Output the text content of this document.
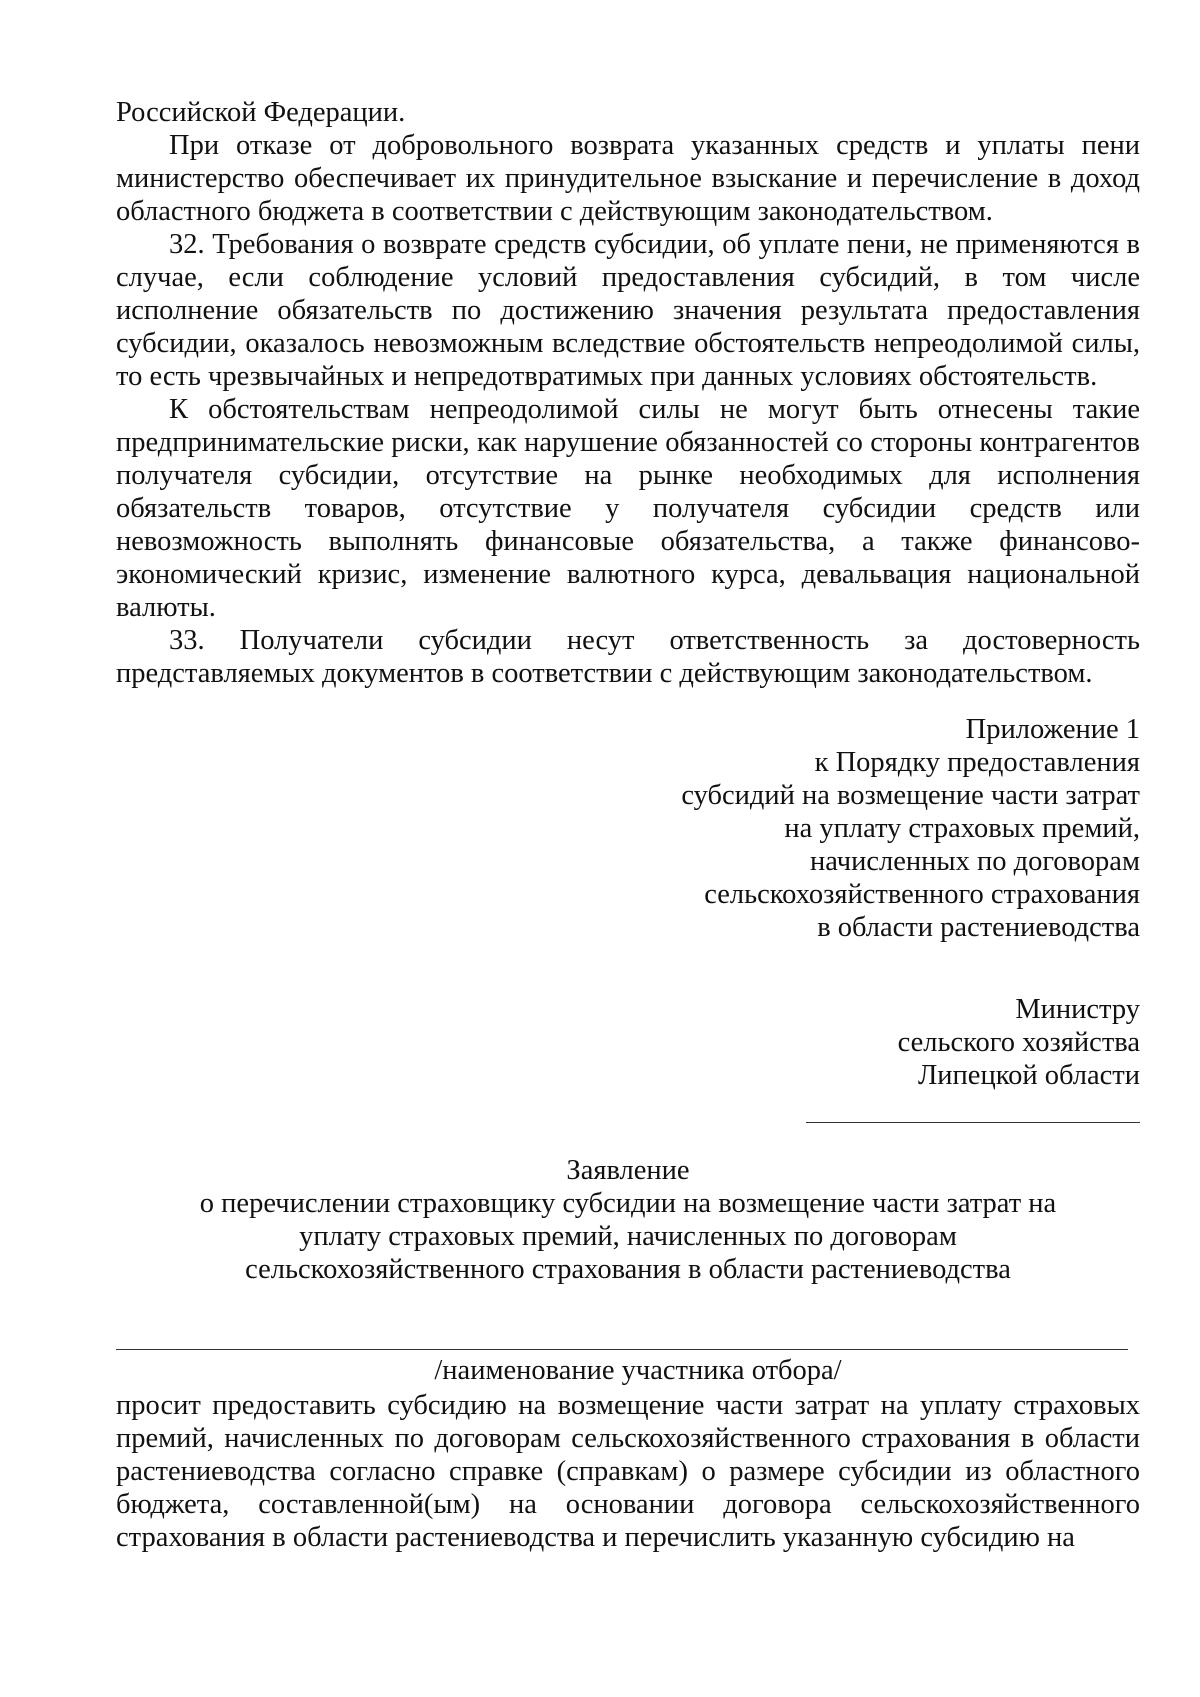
Российской Федерации.

При отказе от добровольного возврата указанных средств и уплаты пени министерство обеспечивает их принудительное взыскание и перечисление в доход областного бюджета в соответствии с действующим законодательством.

32. Требования о возврате средств субсидии, об уплате пени, не применяются в случае, если соблюдение условий предоставления субсидий, в том числе исполнение обязательств по достижению значения результата предоставления субсидии, оказалось невозможным вследствие обстоятельств непреодолимой силы, то есть чрезвычайных и непредотвратимых при данных условиях обстоятельств.

К обстоятельствам непреодолимой силы не могут быть отнесены такие предпринимательские риски, как нарушение обязанностей со стороны контрагентов получателя субсидии, отсутствие на рынке необходимых для исполнения обязательств товаров, отсутствие у получателя субсидии средств или невозможность выполнять финансовые обязательства, а также финансово-экономический кризис, изменение валютного курса, девальвация национальной валюты.

33. Получатели субсидии несут ответственность за достоверность представляемых документов в соответствии с действующим законодательством.

Приложение 1
к Порядку предоставления
субсидий на возмещение части затрат
на уплату страховых премий,
начисленных по договорам
сельскохозяйственного страхования
в области растениеводства
Министру
сельского хозяйства
Липецкой области
Заявление
о перечислении страховщику субсидии на возмещение части затрат на уплату страховых премий, начисленных по договорам сельскохозяйственного страхования в области растениеводства
/наименование участника отбора/

просит предоставить субсидию на возмещение части затрат на уплату страховых премий, начисленных по договорам сельскохозяйственного страхования в области растениеводства согласно справке (справкам) о размере субсидии из областного бюджета, составленной(ым) на основании договора сельскохозяйственного страхования в области растениеводства и перечислить указанную субсидию на
